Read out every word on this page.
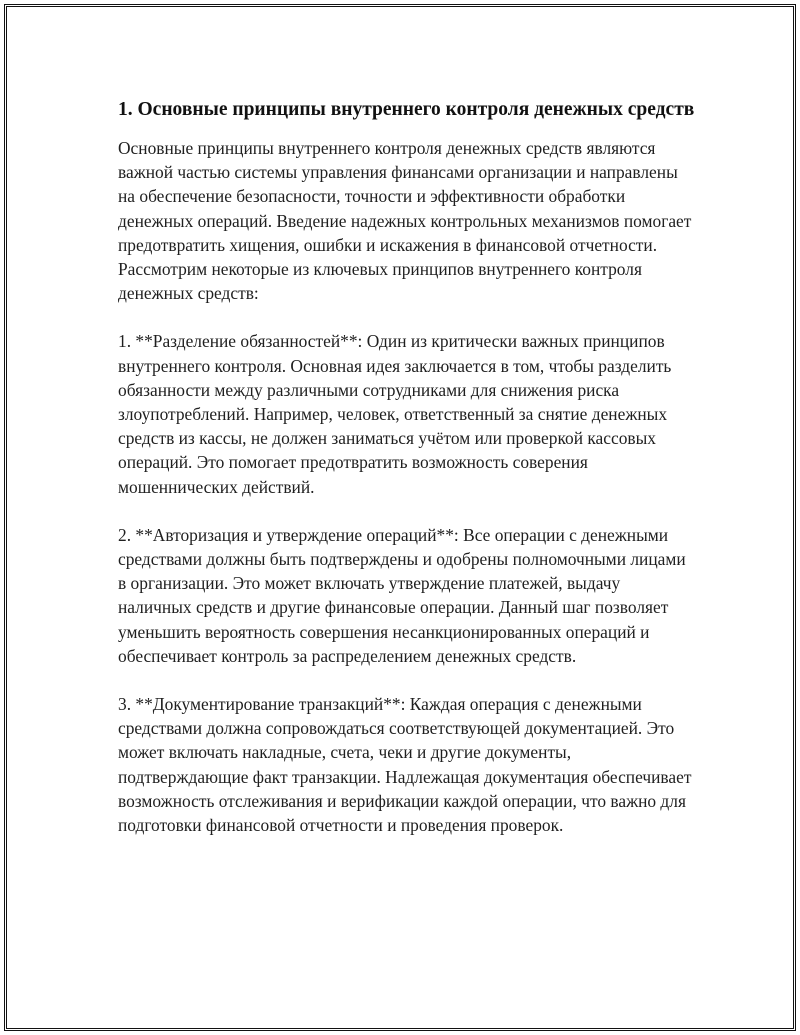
1. Основные принципы внутреннего контроля денежных средств

Основные принципы внутреннего контроля денежных средств являются важной частью системы управления финансами организации и направлены на обеспечение безопасности, точности и эффективности обработки денежных операций. Введение надежных контрольных механизмов помогает предотвратить хищения, ошибки и искажения в финансовой отчетности. Рассмотрим некоторые из ключевых принципов внутреннего контроля денежных средств:

1. **Разделение обязанностей**: Один из критически важных принципов внутреннего контроля. Основная идея заключается в том, чтобы разделить обязанности между различными сотрудниками для снижения риска злоупотреблений. Например, человек, ответственный за снятие денежных средств из кассы, не должен заниматься учётом или проверкой кассовых операций. Это помогает предотвратить возможность соверения мошеннических действий.

2. **Авторизация и утверждение операций**: Все операции с денежными средствами должны быть подтверждены и одобрены полномочными лицами в организации. Это может включать утверждение платежей, выдачу наличных средств и другие финансовые операции. Данный шаг позволяет уменьшить вероятность совершения несанкционированных операций и обеспечивает контроль за распределением денежных средств.

3. **Документирование транзакций**: Каждая операция с денежными средствами должна сопровождаться соответствующей документацией. Это может включать накладные, счета, чеки и другие документы, подтверждающие факт транзакции. Надлежащая документация обеспечивает возможность отслеживания и верификации каждой операции, что важно для подготовки финансовой отчетности и проведения проверок.
